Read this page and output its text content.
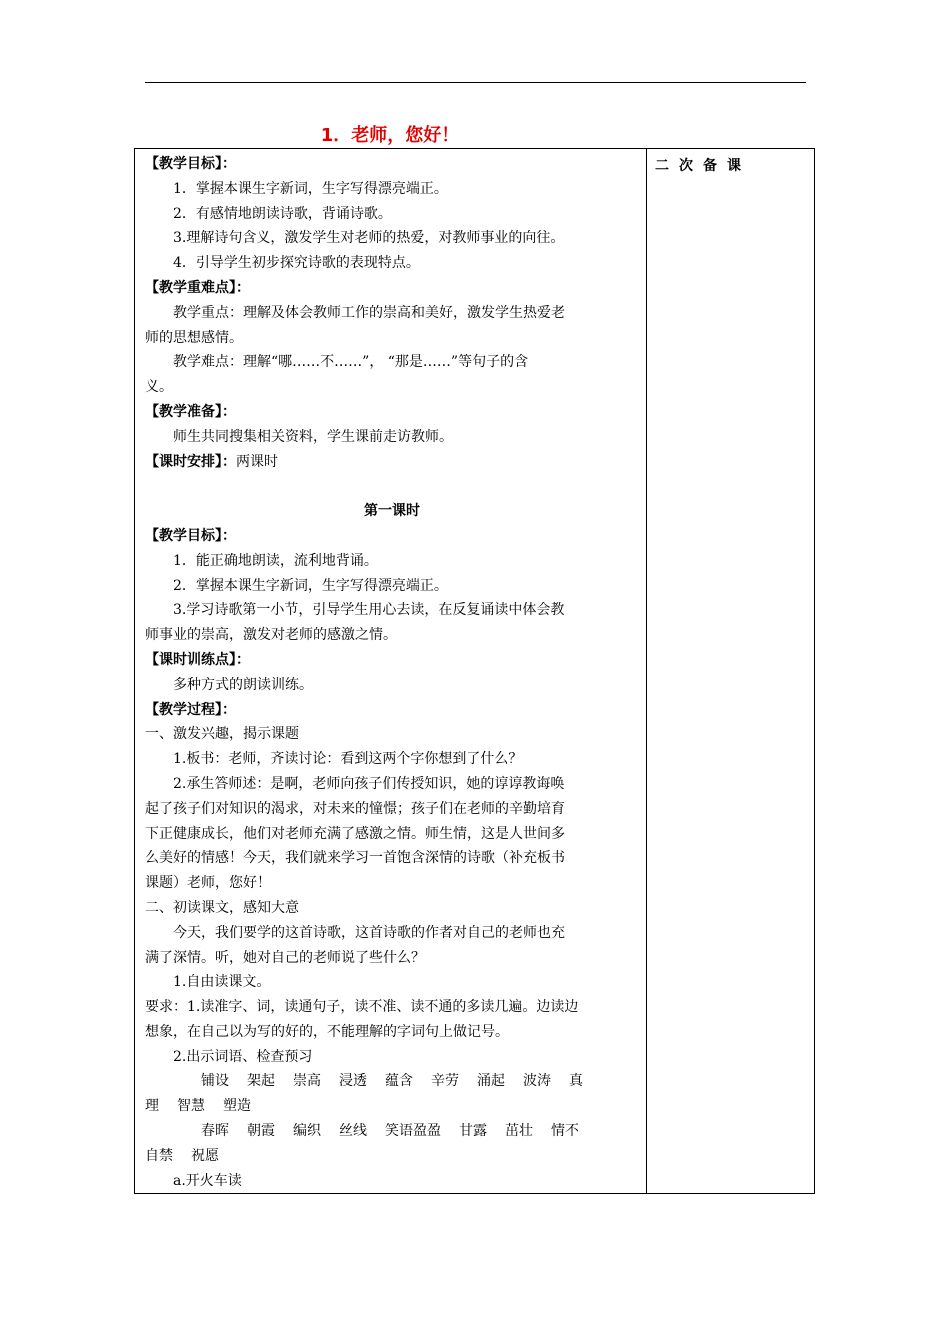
1．老师，您好！
二次备课
【教学目标】：
1．掌握本课生字新词，生字写得漂亮端正。
2．有感情地朗读诗歌，背诵诗歌。
3.理解诗句含义，激发学生对老师的热爱，对教师事业的向往。
4．引导学生初步探究诗歌的表现特点。
【教学重难点】：
教学重点：理解及体会教师工作的崇高和美好，激发学生热爱老
师的思想感情。
教学难点：理解“哪……不……”， “那是……”等句子的含
义。
【教学准备】：
师生共同搜集相关资料，学生课前走访教师。
【课时安排】：两课时
第一课时
【教学目标】：
1．能正确地朗读，流利地背诵。
2．掌握本课生字新词，生字写得漂亮端正。
3.学习诗歌第一小节，引导学生用心去读，在反复诵读中体会教
师事业的崇高，激发对老师的感激之情。
【课时训练点】：
多种方式的朗读训练。
【教学过程】：
一、激发兴趣，揭示课题
1.板书：老师，齐读讨论：看到这两个字你想到了什么？
2.承生答师述：是啊，老师向孩子们传授知识，她的谆谆教诲唤
起了孩子们对知识的渴求，对未来的憧憬；孩子们在老师的辛勤培育
下正健康成长，他们对老师充满了感激之情。师生情，这是人世间多
么美好的情感！今天，我们就来学习一首饱含深情的诗歌（补充板书
课题）老师，您好！
二、初读课文，感知大意
今天，我们要学的这首诗歌，这首诗歌的作者对自己的老师也充
满了深情。听，她对自己的老师说了些什么？
1.自由读课文。
要求：1.读准字、词，读通句子，读不准、读不通的多读几遍。边读边
想象，在自己以为写的好的，不能理解的字词句上做记号。
2.出示词语、检查预习
铺设 架起 崇高 浸透 蕴含 辛劳 涌起 波涛 真
理 智慧 塑造
春晖 朝霞 编织 丝线 笑语盈盈 甘露 茁壮 情不
自禁 祝愿
a.开火车读
